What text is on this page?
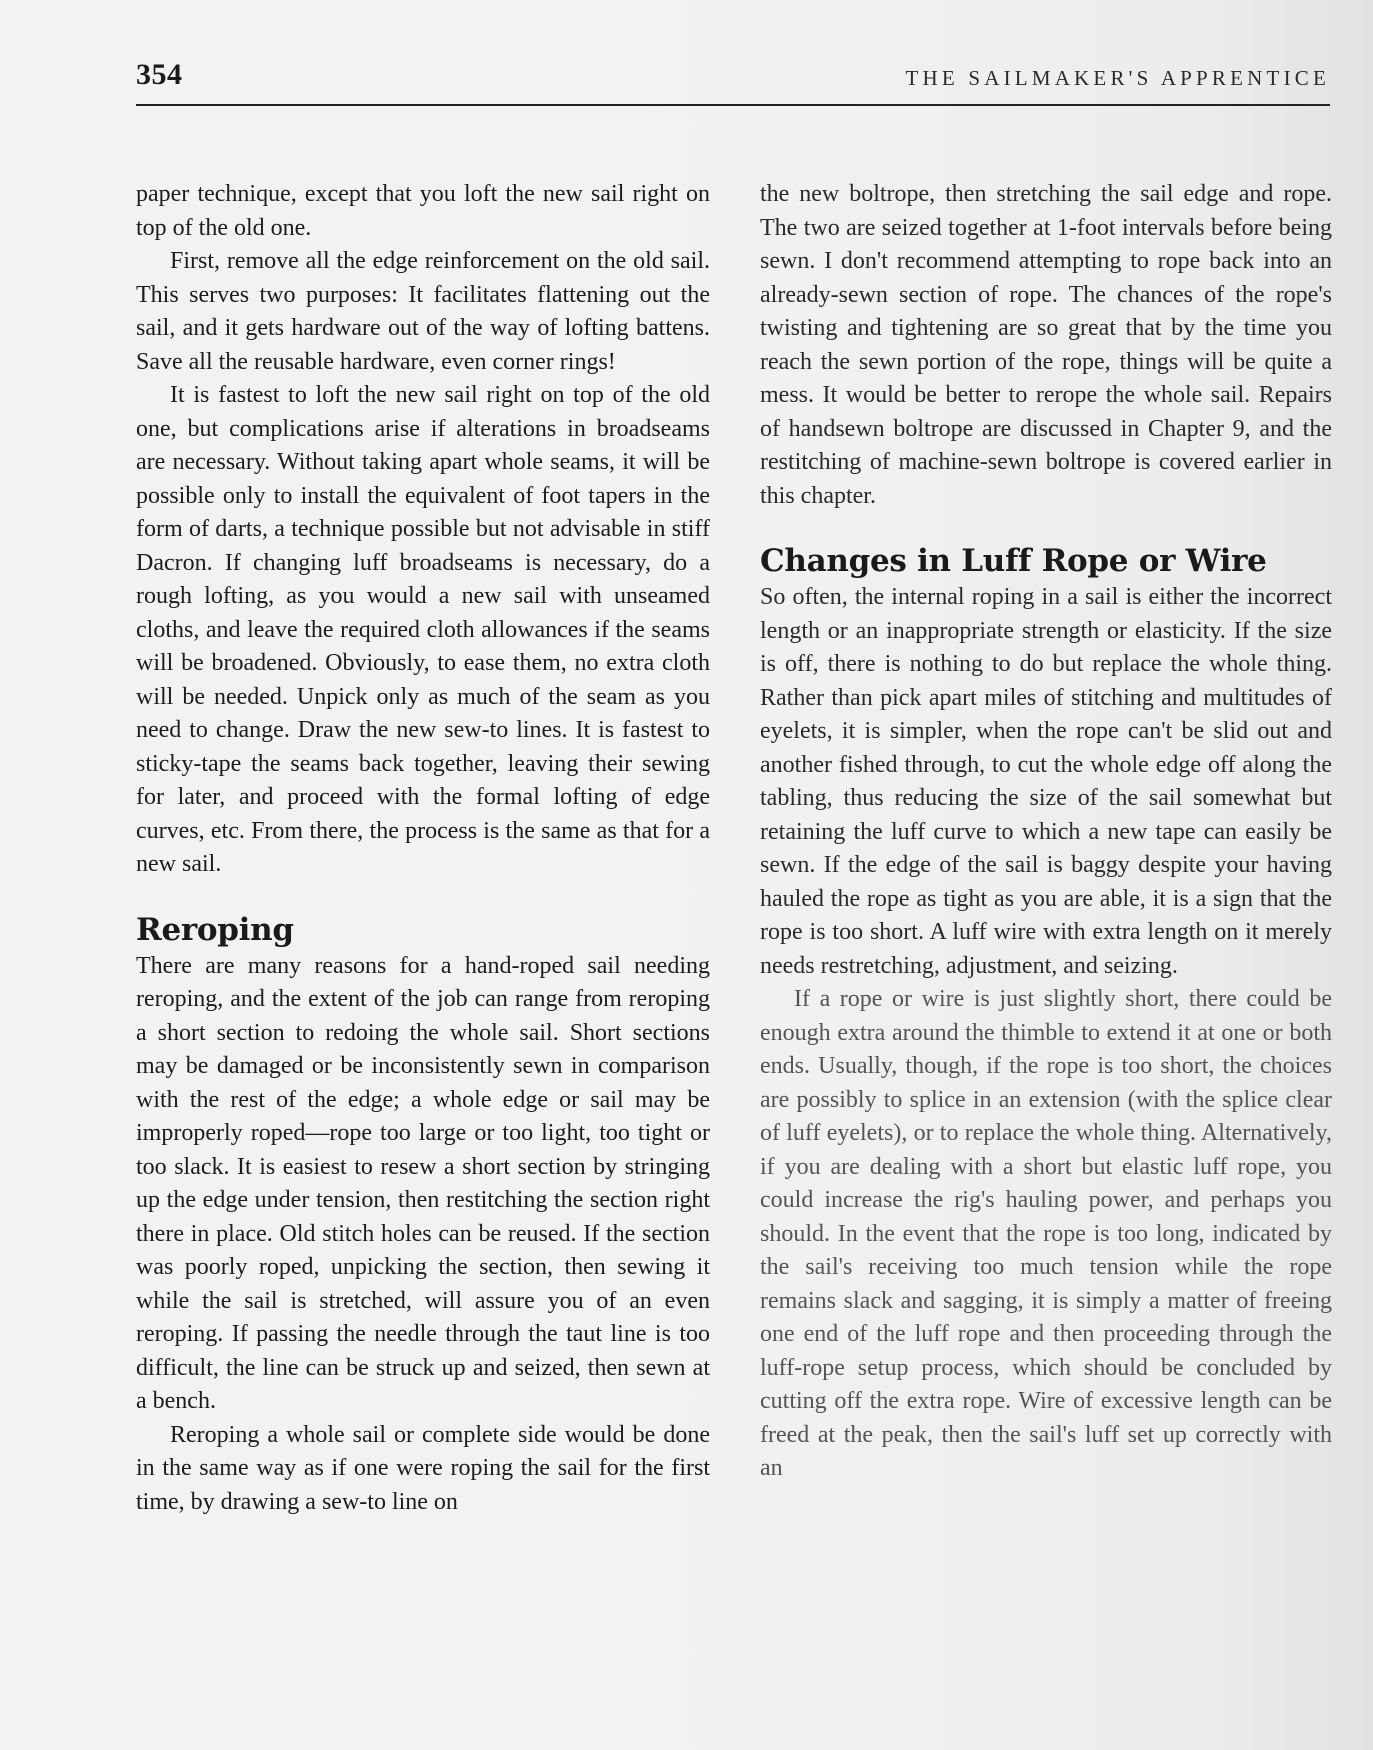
354	THE SAILMAKER'S APPRENTICE

paper technique, except that you loft the new sail right on top of the old one.

First, remove all the edge reinforcement on the old sail. This serves two purposes: It facilitates flattening out the sail, and it gets hardware out of the way of lofting battens. Save all the reusable hardware, even corner rings!

It is fastest to loft the new sail right on top of the old one, but complications arise if alterations in broadseams are necessary. Without taking apart whole seams, it will be possible only to install the equivalent of foot tapers in the form of darts, a technique possible but not advisable in stiff Dacron. If changing luff broadseams is necessary, do a rough lofting, as you would a new sail with unseamed cloths, and leave the required cloth allowances if the seams will be broadened. Obviously, to ease them, no extra cloth will be needed. Unpick only as much of the seam as you need to change. Draw the new sew-to lines. It is fastest to sticky-tape the seams back together, leaving their sewing for later, and proceed with the formal lofting of edge curves, etc. From there, the process is the same as that for a new sail.

Reroping

There are many reasons for a hand-roped sail needing reroping, and the extent of the job can range from reroping a short section to redoing the whole sail. Short sections may be damaged or be inconsistently sewn in comparison with the rest of the edge; a whole edge or sail may be improperly roped—rope too large or too light, too tight or too slack. It is easiest to resew a short section by stringing up the edge under tension, then restitching the section right there in place. Old stitch holes can be reused. If the section was poorly roped, unpicking the section, then sewing it while the sail is stretched, will assure you of an even reroping. If passing the needle through the taut line is too difficult, the line can be struck up and seized, then sewn at a bench.

Reroping a whole sail or complete side would be done in the same way as if one were roping the sail for the first time, by drawing a sew-to line on

the new boltrope, then stretching the sail edge and rope. The two are seized together at 1-foot intervals before being sewn. I don't recommend attempting to rope back into an already-sewn section of rope. The chances of the rope's twisting and tightening are so great that by the time you reach the sewn portion of the rope, things will be quite a mess. It would be better to rerope the whole sail. Repairs of handsewn boltrope are discussed in Chapter 9, and the restitching of machine-sewn boltrope is covered earlier in this chapter.

Changes in Luff Rope or Wire

So often, the internal roping in a sail is either the incorrect length or an inappropriate strength or elasticity. If the size is off, there is nothing to do but replace the whole thing. Rather than pick apart miles of stitching and multitudes of eyelets, it is simpler, when the rope can't be slid out and another fished through, to cut the whole edge off along the tabling, thus reducing the size of the sail somewhat but retaining the luff curve to which a new tape can easily be sewn. If the edge of the sail is baggy despite your having hauled the rope as tight as you are able, it is a sign that the rope is too short. A luff wire with extra length on it merely needs restretching, adjustment, and seizing.

If a rope or wire is just slightly short, there could be enough extra around the thimble to extend it at one or both ends. Usually, though, if the rope is too short, the choices are possibly to splice in an extension (with the splice clear of luff eyelets), or to replace the whole thing. Alternatively, if you are dealing with a short but elastic luff rope, you could increase the rig's hauling power, and perhaps you should. In the event that the rope is too long, indicated by the sail's receiving too much tension while the rope remains slack and sagging, it is simply a matter of freeing one end of the luff rope and then proceeding through the luff-rope setup process, which should be concluded by cutting off the extra rope. Wire of excessive length can be freed at the peak, then the sail's luff set up correctly with an
